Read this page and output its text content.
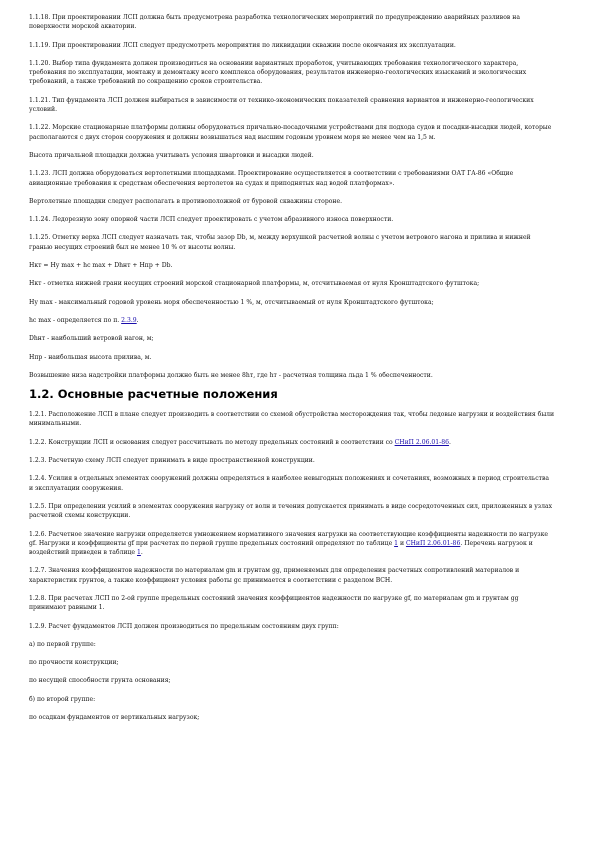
1.1.18. При проектировании ЛСП должна быть предусмотрена разработка технологических мероприятий по предупреждению аварийных разливов на поверхности морской акватории.

1.1.19. При проектировании ЛСП следует предусмотреть мероприятия по ликвидации скважин после окончания их эксплуатации.

1.1.20. Выбор типа фундамента должен производиться на основании вариантных проработок, учитывающих требования технологического характера, требования по эксплуатации, монтажу и демонтажу всего комплекса оборудования, результатов инженерно-геологических изысканий и экологических требований, а также требований по сокращению сроков строительства.

1.1.21. Тип фундамента ЛСП должен выбираться в зависимости от технико-экономических показателей сравнения вариантов и инженерно-геологических условий.

1.1.22. Морские стационарные платформы должны оборудоваться причально-посадочными устройствами для подхода судов и посадки-высадки людей, которые располагаются с двух сторон сооружения и должны возвышаться над высшим годовым уровнем моря не менее чем на 1,5 м.

Высота причальной площадки должна учитывать условия швартовки и высадки людей.

1.1.23. ЛСП должна оборудоваться вертолетными площадками. Проектирование осуществляется в соответствии с требованиями ОАТ ГА-86 «Общие авиационные требования к средствам обеспечения вертолетов на судах и приподнятых над водой платформах».

Вертолетные площадки следует располагать в противоположной от буровой скважины стороне.

1.1.24. Ледорезную зону опорной части ЛСП следует проектировать с учетом абразивного износа поверхности.

1.1.25. Отметку верха ЛСП следует назначать так, чтобы зазор Db, м, между верхушкой расчетной волны с учетом ветрового нагона и прилива и нижней гранью несущих строений был не менее 10 % от высоты волны.

Hкт = Hу max + hc max + Dhнт + Hпр + Db.

Hкт - отметка нижней грани несущих строений морской стационарной платформы, м, отсчитываемая от нуля Кронштадтского футштока;

Hу max - максимальный годовой уровень моря обеспеченностью 1 %, м, отсчитываемый от нуля Кронштадтского футштока;

hc max - определяется по п. 2.3.9.

Dhнт - наибольший ветровой нагон, м;

Hпр - наибольшая высота прилива, м.

Возвышение низа надстройки платформы должно быть не менее 8hт, где hт - расчетная толщина льда 1 % обеспеченности.

1.2. Основные расчетные положения

1.2.1. Расположение ЛСП в плане следует производить в соответствии со схемой обустройства месторождения так, чтобы ледовые нагрузки и воздействия были минимальными.

1.2.2. Конструкции ЛСП и основания следует рассчитывать по методу предельных состояний в соответствии со СНиП 2.06.01-86.

1.2.3. Расчетную схему ЛСП следует принимать в виде пространственной конструкции.

1.2.4. Усилия в отдельных элементах сооружений должны определяться в наиболее невыгодных положениях и сочетаниях, возможных в период строительства и эксплуатации сооружения.

1.2.5. При определении усилий в элементах сооружения нагрузку от волн и течения допускается принимать в виде сосредоточенных сил, приложенных в узлах расчетной схемы конструкции.

1.2.6. Расчетное значение нагрузки определяется умножением нормативного значения нагрузки на соответствующие коэффициенты надежности по нагрузке gf. Нагрузки и коэффициенты gf при расчетах по первой группе предельных состояний определяют по таблице 1 и СНиП 2.06.01-86. Перечень нагрузок и воздействий приведен в таблице 1.

1.2.7. Значения коэффициентов надежности по материалам gm и грунтам gg, применяемых для определения расчетных сопротивлений материалов и характеристик грунтов, а также коэффициент условия работы gc принимается в соответствии с разделом ВСН.

1.2.8. При расчетах ЛСП по 2-ой группе предельных состояний значения коэффициентов надежности по нагрузке gf, по материалам gm и грунтам gg принимают равными 1.

1.2.9. Расчет фундаментов ЛСП должен производиться по предельным состояниям двух групп:

а) по первой группе:

по прочности конструкции;

по несущей способности грунта основания;

б) по второй группе:

по осадкам фундаментов от вертикальных нагрузок;
